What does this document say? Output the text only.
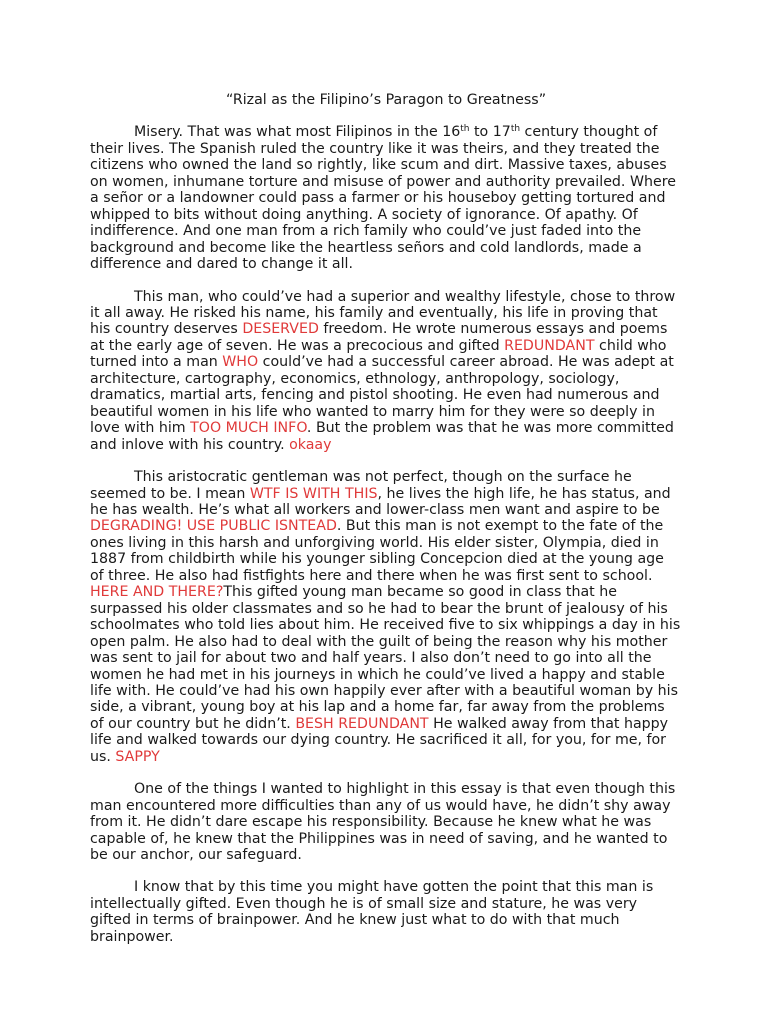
“Rizal as the Filipino’s Paragon to Greatness”

Misery. That was what most Filipinos in the 16th to 17th century thought of their lives. The Spanish ruled the country like it was theirs, and they treated the citizens who owned the land so rightly, like scum and dirt. Massive taxes, abuses on women, inhumane torture and misuse of power and authority prevailed. Where a señor or a landowner could pass a farmer or his houseboy getting tortured and whipped to bits without doing anything. A society of ignorance. Of apathy. Of indifference. And one man from a rich family who could’ve just faded into the background and become like the heartless señors and cold landlords, made a difference and dared to change it all.

This man, who could’ve had a superior and wealthy lifestyle, chose to throw it all away. He risked his name, his family and eventually, his life in proving that his country deserves DESERVED freedom. He wrote numerous essays and poems at the early age of seven. He was a precocious and gifted REDUNDANT child who turned into a man WHO could’ve had a successful career abroad. He was adept at architecture, cartography, economics, ethnology, anthropology, sociology, dramatics, martial arts, fencing and pistol shooting. He even had numerous and beautiful women in his life who wanted to marry him for they were so deeply in love with him TOO MUCH INFO. But the problem was that he was more committed and inlove with his country. okaay

This aristocratic gentleman was not perfect, though on the surface he seemed to be. I mean WTF IS WITH THIS, he lives the high life, he has status, and he has wealth. He’s what all workers and lower-class men want and aspire to be DEGRADING! USE PUBLIC ISNTEAD. But this man is not exempt to the fate of the ones living in this harsh and unforgiving world. His elder sister, Olympia, died in 1887 from childbirth while his younger sibling Concepcion died at the young age of three. He also had fistfights here and there when he was first sent to school. HERE AND THERE?This gifted young man became so good in class that he surpassed his older classmates and so he had to bear the brunt of jealousy of his schoolmates who told lies about him. He received five to six whippings a day in his open palm. He also had to deal with the guilt of being the reason why his mother was sent to jail for about two and half years. I also don’t need to go into all the women he had met in his journeys in which he could’ve lived a happy and stable life with. He could’ve had his own happily ever after with a beautiful woman by his side, a vibrant, young boy at his lap and a home far, far away from the problems of our country but he didn’t. BESH REDUNDANT He walked away from that happy life and walked towards our dying country. He sacrificed it all, for you, for me, for us. SAPPY

One of the things I wanted to highlight in this essay is that even though this man encountered more difficulties than any of us would have, he didn’t shy away from it. He didn’t dare escape his responsibility. Because he knew what he was capable of, he knew that the Philippines was in need of saving, and he wanted to be our anchor, our safeguard.

I know that by this time you might have gotten the point that this man is intellectually gifted. Even though he is of small size and stature, he was very gifted in terms of brainpower. And he knew just what to do with that much brainpower.
